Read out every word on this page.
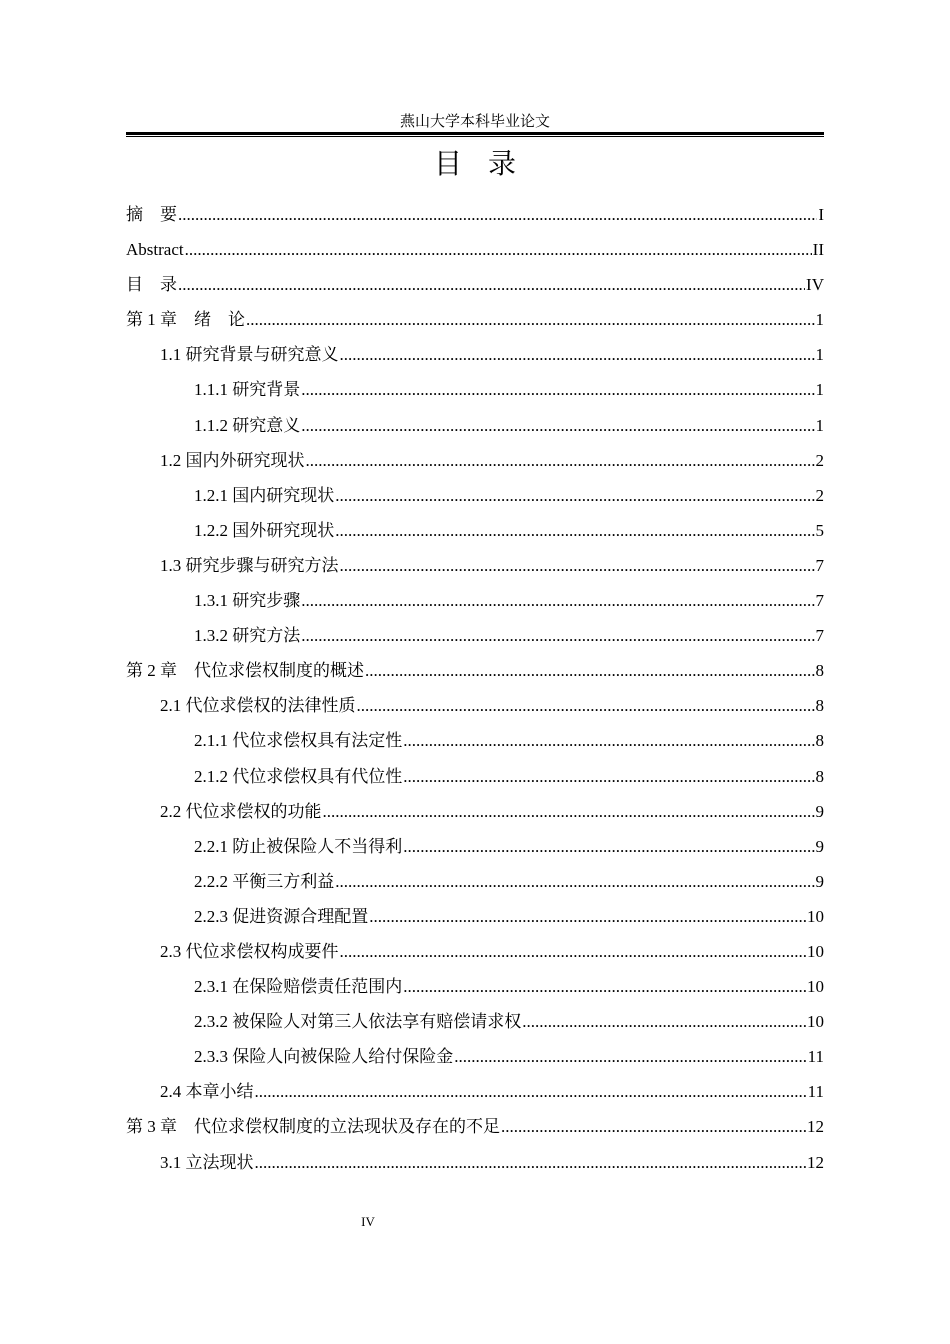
燕山大学本科毕业论文
目录
摘　要 .....	I
Abstract .....	II
目　录 .....	IV
第 1 章　绪　论 .....	1
1.1 研究背景与研究意义 .....	1
1.1.1 研究背景 .....	1
1.1.2 研究意义 .....	1
1.2 国内外研究现状 .....	2
1.2.1 国内研究现状 .....	2
1.2.2 国外研究现状 .....	5
1.3 研究步骤与研究方法 .....	7
1.3.1 研究步骤 .....	7
1.3.2 研究方法 .....	7
第 2 章　代位求偿权制度的概述 .....	8
2.1 代位求偿权的法律性质 .....	8
2.1.1 代位求偿权具有法定性 .....	8
2.1.2 代位求偿权具有代位性 .....	8
2.2 代位求偿权的功能 .....	9
2.2.1 防止被保险人不当得利 .....	9
2.2.2 平衡三方利益 .....	9
2.2.3 促进资源合理配置 .....	10
2.3 代位求偿权构成要件 .....	10
2.3.1 在保险赔偿责任范围内 .....	10
2.3.2 被保险人对第三人依法享有赔偿请求权 .....	10
2.3.3 保险人向被保险人给付保险金 .....	11
2.4 本章小结 .....	11
第 3 章　代位求偿权制度的立法现状及存在的不足 .....	12
3.1 立法现状 .....	12
IV
